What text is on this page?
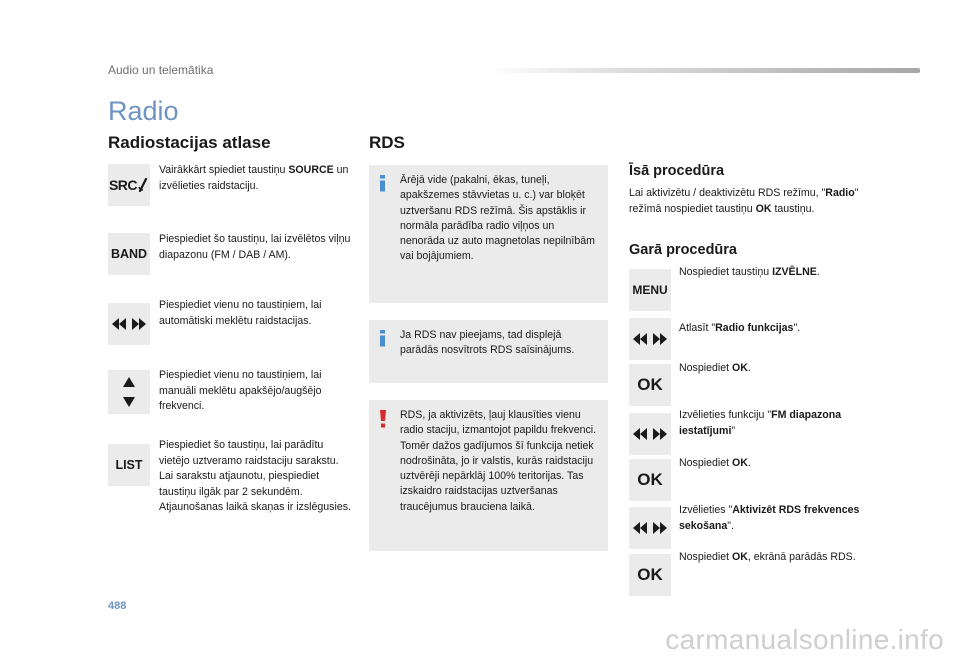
Audio un telemātika
Radio
Radiostacijas atlase
SRC
Vairākkārt spiediet taustiņu SOURCE un izvēlieties raidstaciju.
BAND
Piespiediet šo taustiņu, lai izvēlētos viļņu diapazonu (FM / DAB / AM).
Piespiediet vienu no taustiņiem, lai automātiski meklētu raidstacijas.
Piespiediet vienu no taustiņiem, lai manuāli meklētu apakšējo/augšējo frekvenci.
LIST
Piespiediet šo taustiņu, lai parādītu vietējo uztveramo raidstaciju sarakstu. Lai sarakstu atjaunotu, piespiediet taustiņu ilgāk par 2 sekundēm. Atjaunošanas laikā skaņas ir izslēgusies.
RDS
Ārējā vide (pakalni, ēkas, tuneļi, apakšzemes stāvvietas u. c.) var bloķēt uztveršanu RDS režīmā. Šis apstāklis ir normāla parādība radio viļņos un nenorāda uz auto magnetolas nepilnībām vai bojājumiem.
Ja RDS nav pieejams, tad displejā parādās nosvītrots RDS saīsinājums.
RDS, ja aktivizēts, ļauj klausīties vienu radio staciju, izmantojot papildu frekvenci. Tomēr dažos gadījumos šī funkcija netiek nodrošināta, jo ir valstis, kurās raidstaciju uztvērēji nepārklāj 100% teritorijas. Tas izskaidro raidstacijas uztveršanas traucējumus brauciena laikā.
Īsā procedūra
Lai aktivizētu / deaktivizētu RDS režīmu, "Radio" režīmā nospiediet taustiņu OK taustiņu.
Garā procedūra
MENU
Nospiediet taustiņu IZVĒLNE.
Atlasīt "Radio funkcijas".
OK
Nospiediet OK.
Izvēlieties funkciju "FM diapazona iestatījumi"
OK
Nospiediet OK.
Izvēlieties "Aktivizēt RDS frekvences sekošana".
OK
Nospiediet OK, ekrānā parādās RDS.
488
carmanualsonline.info
